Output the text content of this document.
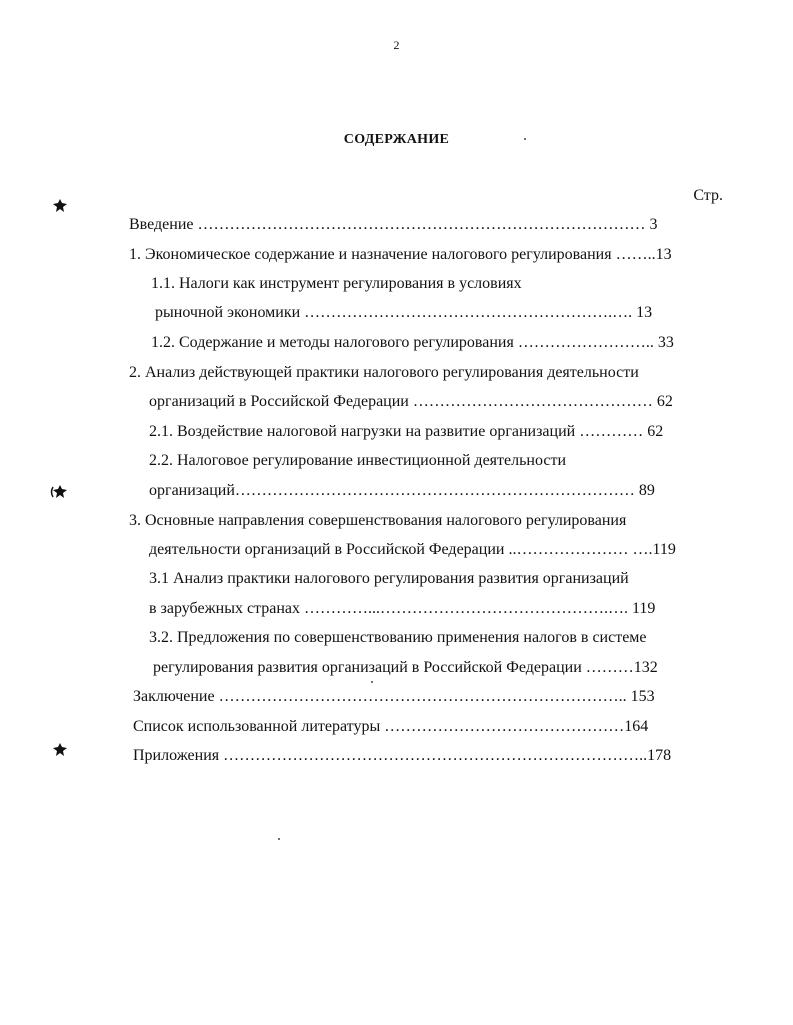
2
СОДЕРЖАНИЕ
Стр.
Введение ………………………………………………………………………… 3
1. Экономическое содержание и назначение налогового регулирования ……..13
1.1. Налоги как инструмент регулирования в условиях
рыночной экономики ………………………………………………….…. 13
1.2. Содержание и методы налогового регулирования …………………….. 33
2. Анализ действующей практики налогового регулирования деятельности
организаций в Российской Федерации ……………………………………… 62
2.1. Воздействие налоговой нагрузки на развитие организаций ………… 62
2.2. Налоговое регулирование инвестиционной деятельности
организаций………………………………………………………………… 89
3. Основные направления совершенствования налогового регулирования
деятельности организаций в Российской Федерации ..………………… ….119
3.1 Анализ практики налогового регулирования развития организаций
в зарубежных странах …………...…………………………………….…. 119
3.2. Предложения по совершенствованию применения налогов в системе
регулирования развития организаций в Российской Федерации ………132
Заключение ………………………………………………………………….. 153
Список использованной литературы ………………………………………164
Приложения ……………………………………………………………………..178
